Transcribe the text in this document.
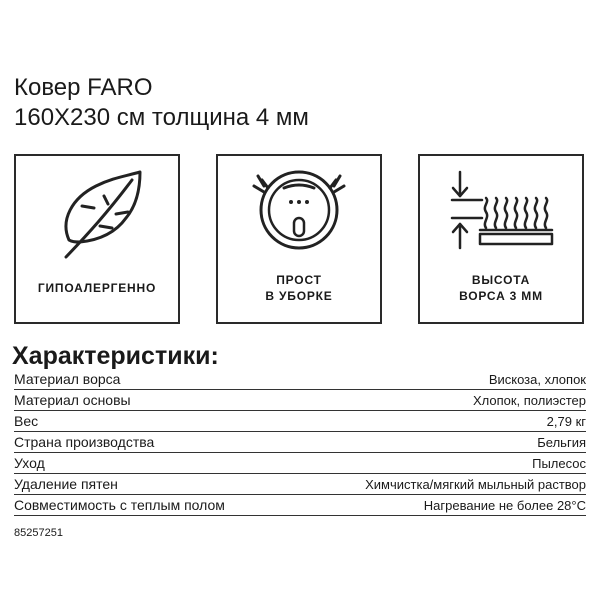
Ковер FARO
160X230 см толщина 4 мм
ГИПОАЛЕРГЕННО
ПРОСТ
В УБОРКЕ
ВЫСОТА
ВОРСА 3 ММ
Характеристики:
Материал ворса	Вискоза, хлопок
Материал основы	Хлопок, полиэстер
Вес	2,79 кг
Страна производства	Бельгия
Уход	Пылесос
Удаление пятен	Химчистка/мягкий мыльный раствор
Совместимость с теплым полом	Нагревание не более 28°С
85257251
